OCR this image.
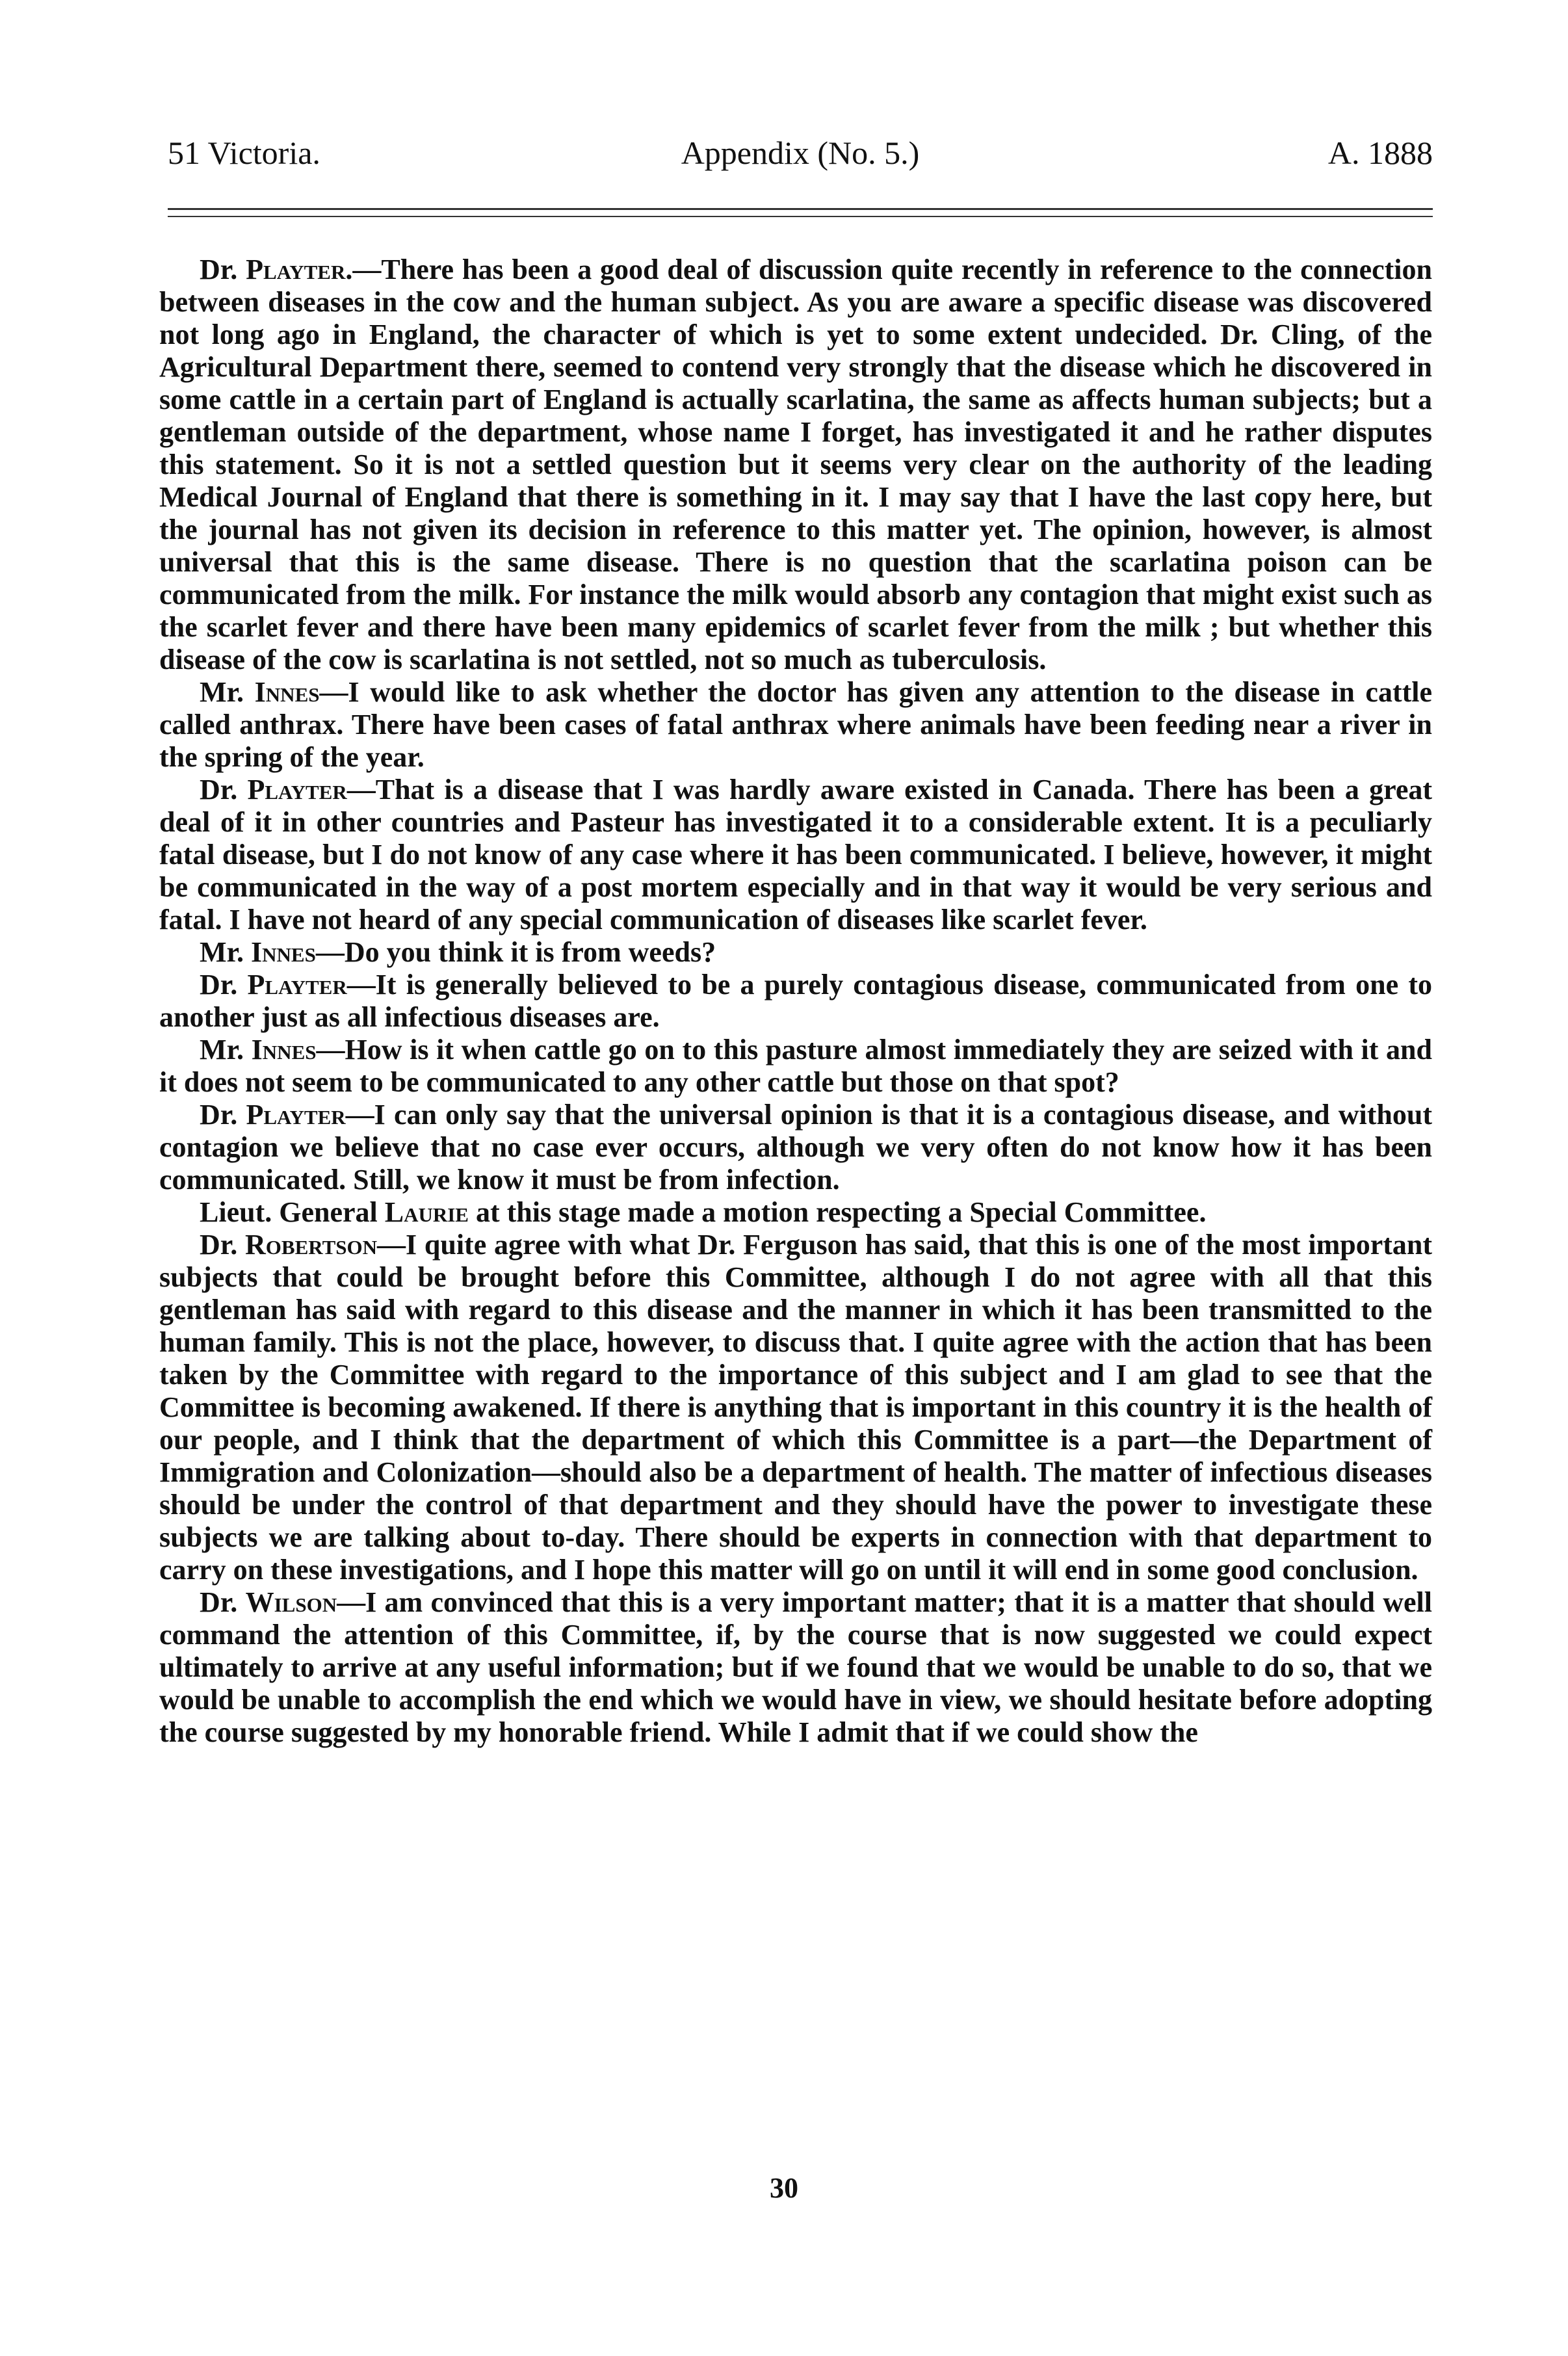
51 Victoria.	Appendix (No. 5.)	A. 1888

Dr. Playter.—There has been a good deal of discussion quite recently in reference to the connection between diseases in the cow and the human subject. As you are aware a specific disease was discovered not long ago in England, the character of which is yet to some extent undecided. Dr. Cling, of the Agricultural Department there, seemed to contend very strongly that the disease which he discovered in some cattle in a certain part of England is actually scarlatina, the same as affects human subjects; but a gentleman outside of the department, whose name I forget, has investigated it and he rather disputes this statement. So it is not a settled question but it seems very clear on the authority of the leading Medical Journal of England that there is something in it. I may say that I have the last copy here, but the journal has not given its decision in reference to this matter yet. The opinion, however, is almost universal that this is the same disease. There is no question that the scarlatina poison can be communicated from the milk. For instance the milk would absorb any contagion that might exist such as the scarlet fever and there have been many epidemics of scarlet fever from the milk ; but whether this disease of the cow is scarlatina is not settled, not so much as tuberculosis.

Mr. Innes—I would like to ask whether the doctor has given any attention to the disease in cattle called anthrax. There have been cases of fatal anthrax where animals have been feeding near a river in the spring of the year.

Dr. Playter—That is a disease that I was hardly aware existed in Canada. There has been a great deal of it in other countries and Pasteur has investigated it to a considerable extent. It is a peculiarly fatal disease, but I do not know of any case where it has been communicated. I believe, however, it might be communicated in the way of a post mortem especially and in that way it would be very serious and fatal. I have not heard of any special communication of diseases like scarlet fever.

Mr. Innes—Do you think it is from weeds?

Dr. Playter—It is generally believed to be a purely contagious disease, communicated from one to another just as all infectious diseases are.

Mr. Innes—How is it when cattle go on to this pasture almost immediately they are seized with it and it does not seem to be communicated to any other cattle but those on that spot?

Dr. Playter—I can only say that the universal opinion is that it is a contagious disease, and without contagion we believe that no case ever occurs, although we very often do not know how it has been communicated. Still, we know it must be from infection.

Lieut. General Laurie at this stage made a motion respecting a Special Committee.

Dr. Robertson—I quite agree with what Dr. Ferguson has said, that this is one of the most important subjects that could be brought before this Committee, although I do not agree with all that this gentleman has said with regard to this disease and the manner in which it has been transmitted to the human family. This is not the place, however, to discuss that. I quite agree with the action that has been taken by the Committee with regard to the importance of this subject and I am glad to see that the Committee is becoming awakened. If there is anything that is important in this country it is the health of our people, and I think that the department of which this Committee is a part—the Department of Immigration and Colonization—should also be a department of health. The matter of infectious diseases should be under the control of that department and they should have the power to investigate these subjects we are talking about to-day. There should be experts in connection with that department to carry on these investigations, and I hope this matter will go on until it will end in some good conclusion.

Dr. Wilson—I am convinced that this is a very important matter; that it is a matter that should well command the attention of this Committee, if, by the course that is now suggested we could expect ultimately to arrive at any useful information; but if we found that we would be unable to do so, that we would be unable to accomplish the end which we would have in view, we should hesitate before adopting the course suggested by my honorable friend. While I admit that if we could show the

30
